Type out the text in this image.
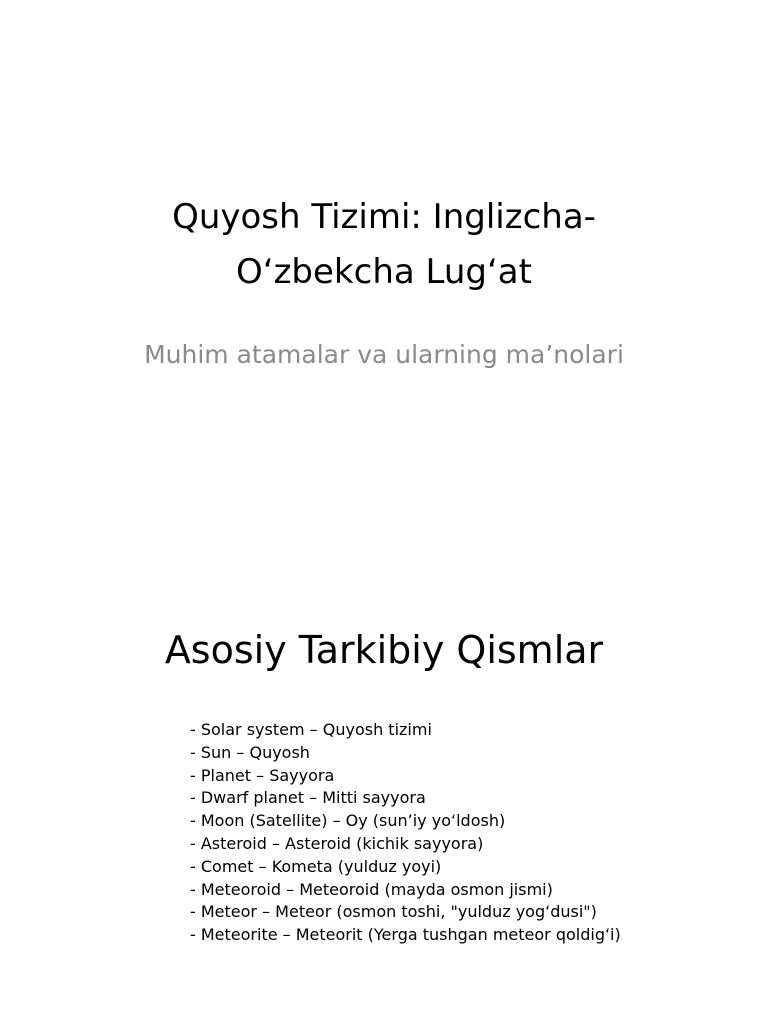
Quyosh Tizimi: Inglizcha-O‘zbekcha Lug‘at

Muhim atamalar va ularning ma’nolari

Asosiy Tarkibiy Qismlar
- Solar system – Quyosh tizimi
- Sun – Quyosh
- Planet – Sayyora
- Dwarf planet – Mitti sayyora
- Moon (Satellite) – Oy (sun’iy yo‘ldosh)
- Asteroid – Asteroid (kichik sayyora)
- Comet – Kometa (yulduz yoyi)
- Meteoroid – Meteoroid (mayda osmon jismi)
- Meteor – Meteor (osmon toshi, "yulduz yog‘dusi")
- Meteorite – Meteorit (Yerga tushgan meteor qoldig‘i)
